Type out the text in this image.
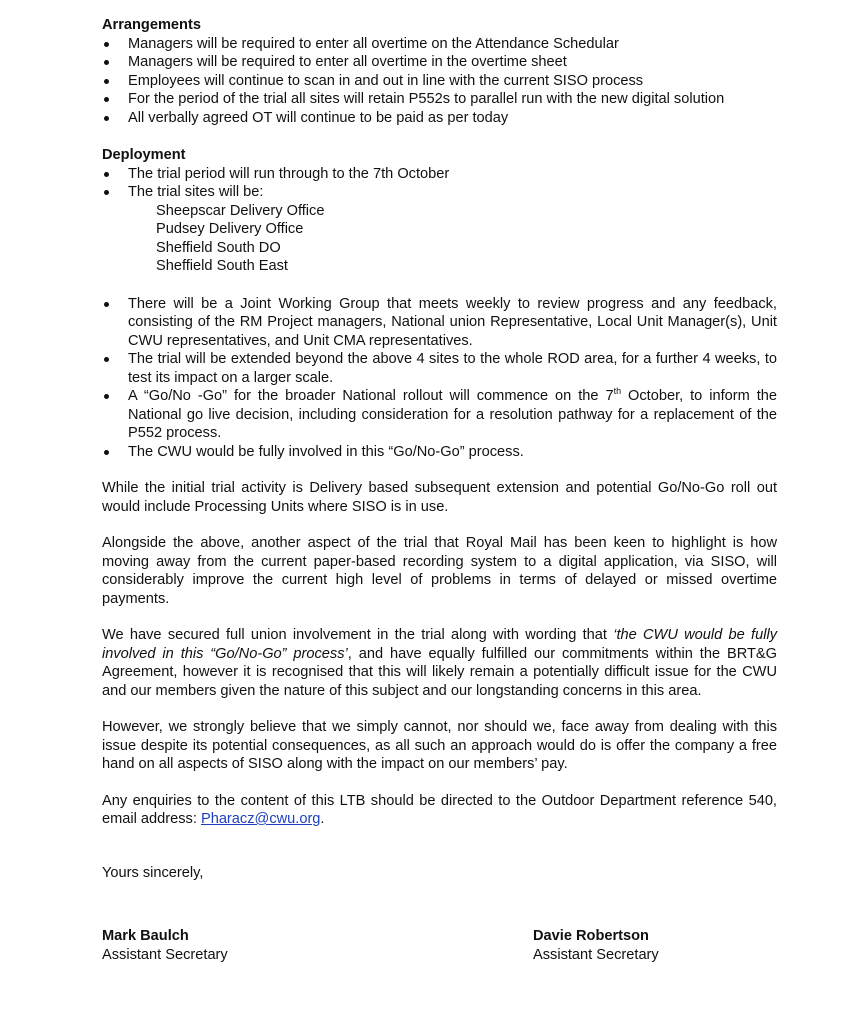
Arrangements

Managers will be required to enter all overtime on the Attendance Schedular
Managers will be required to enter all overtime in the overtime sheet
Employees will continue to scan in and out in line with the current SISO process
For the period of the trial all sites will retain P552s to parallel run with the new digital solution
All verbally agreed OT will continue to be paid as per today

Deployment

The trial period will run through to the 7th October
The trial sites will be:
Sheepscar Delivery Office
Pudsey Delivery Office
Sheffield South DO
Sheffield South East
There will be a Joint Working Group that meets weekly to review progress and any feedback, consisting of the RM Project managers, National union Representative, Local Unit Manager(s), Unit CWU representatives, and Unit CMA representatives.
The trial will be extended beyond the above 4 sites to the whole ROD area, for a further 4 weeks, to test its impact on a larger scale.
A “Go/No -Go” for the broader National rollout will commence on the 7th October, to inform the National go live decision, including consideration for a resolution pathway for a replacement of the P552 process.
The CWU would be fully involved in this “Go/No-Go” process.

While the initial trial activity is Delivery based subsequent extension and potential Go/No-Go roll out would include Processing Units where SISO is in use.

Alongside the above, another aspect of the trial that Royal Mail has been keen to highlight is how moving away from the current paper-based recording system to a digital application, via SISO, will considerably improve the current high level of problems in terms of delayed or missed overtime payments.

We have secured full union involvement in the trial along with wording that ‘the CWU would be fully involved in this “Go/No-Go” process’, and have equally fulfilled our commitments within the BRT&G Agreement, however it is recognised that this will likely remain a potentially difficult issue for the CWU and our members given the nature of this subject and our longstanding concerns in this area.

However, we strongly believe that we simply cannot, nor should we, face away from dealing with this issue despite its potential consequences, as all such an approach would do is offer the company a free hand on all aspects of SISO along with the impact on our members’ pay.

Any enquiries to the content of this LTB should be directed to the Outdoor Department reference 540, email address: Pharacz@cwu.org.

Yours sincerely,

Mark Baulch
Assistant Secretary
Davie Robertson
Assistant Secretary
